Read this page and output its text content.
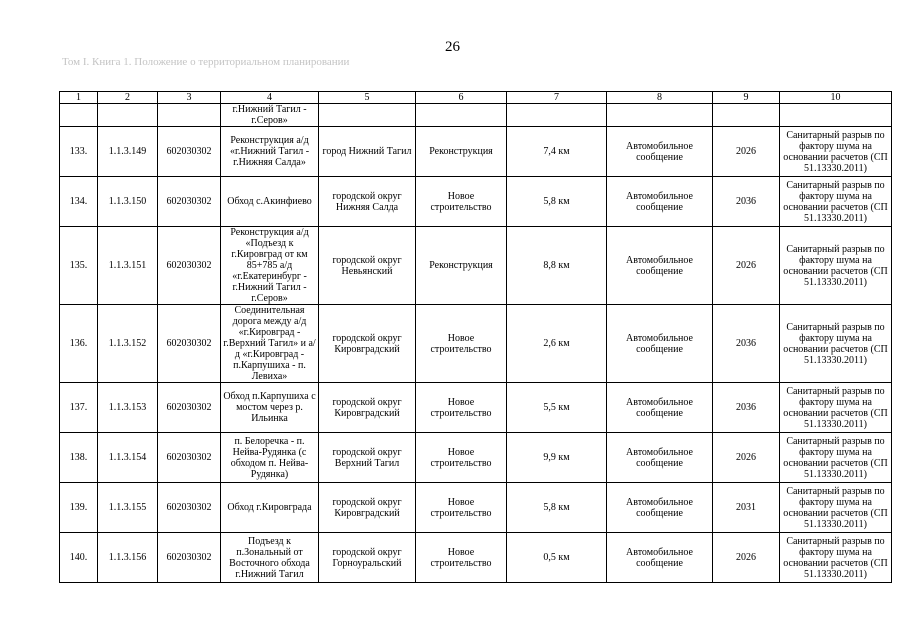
26
Том I. Книга 1. Положение о территориальном планировании
1	2	3	4	5	6	7	8	9	10
			г.Нижний Тагил - г.Серов»						
133.	1.1.3.149	602030302	Реконструкция а/д «г.Нижний Тагил - г.Нижняя Салда»	город Нижний Тагил	Реконструкция	7,4 км	Автомобильное сообщение	2026	Санитарный разрыв по фактору шума на основании расчетов (СП 51.13330.2011)
134.	1.1.3.150	602030302	Обход с.Акинфиево	городской округ Нижняя Салда	Новое строительство	5,8 км	Автомобильное сообщение	2036	Санитарный разрыв по фактору шума на основании расчетов (СП 51.13330.2011)
135.	1.1.3.151	602030302	Реконструкция а/д «Подъезд к г.Кировград от км 85+785 а/д «г.Екатеринбург - г.Нижний Тагил - г.Серов»	городской округ Невьянский	Реконструкция	8,8 км	Автомобильное сообщение	2026	Санитарный разрыв по фактору шума на основании расчетов (СП 51.13330.2011)
136.	1.1.3.152	602030302	Соединительная дорога между а/д «г.Кировград - г.Верхний Тагил» и а/д «г.Кировград - п.Карпушиха - п. Левиха»	городской округ Кировградский	Новое строительство	2,6 км	Автомобильное сообщение	2036	Санитарный разрыв по фактору шума на основании расчетов (СП 51.13330.2011)
137.	1.1.3.153	602030302	Обход п.Карпушиха с мостом через р. Ильинка	городской округ Кировградский	Новое строительство	5,5 км	Автомобильное сообщение	2036	Санитарный разрыв по фактору шума на основании расчетов (СП 51.13330.2011)
138.	1.1.3.154	602030302	п. Белоречка - п. Нейва-Рудянка (с обходом п. Нейва-Рудянка)	городской округ Верхний Тагил	Новое строительство	9,9 км	Автомобильное сообщение	2026	Санитарный разрыв по фактору шума на основании расчетов (СП 51.13330.2011)
139.	1.1.3.155	602030302	Обход г.Кировграда	городской округ Кировградский	Новое строительство	5,8 км	Автомобильное сообщение	2031	Санитарный разрыв по фактору шума на основании расчетов (СП 51.13330.2011)
140.	1.1.3.156	602030302	Подъезд к п.Зональный от Восточного обхода г.Нижний Тагил	городской округ Горноуральский	Новое строительство	0,5 км	Автомобильное сообщение	2026	Санитарный разрыв по фактору шума на основании расчетов (СП 51.13330.2011)
